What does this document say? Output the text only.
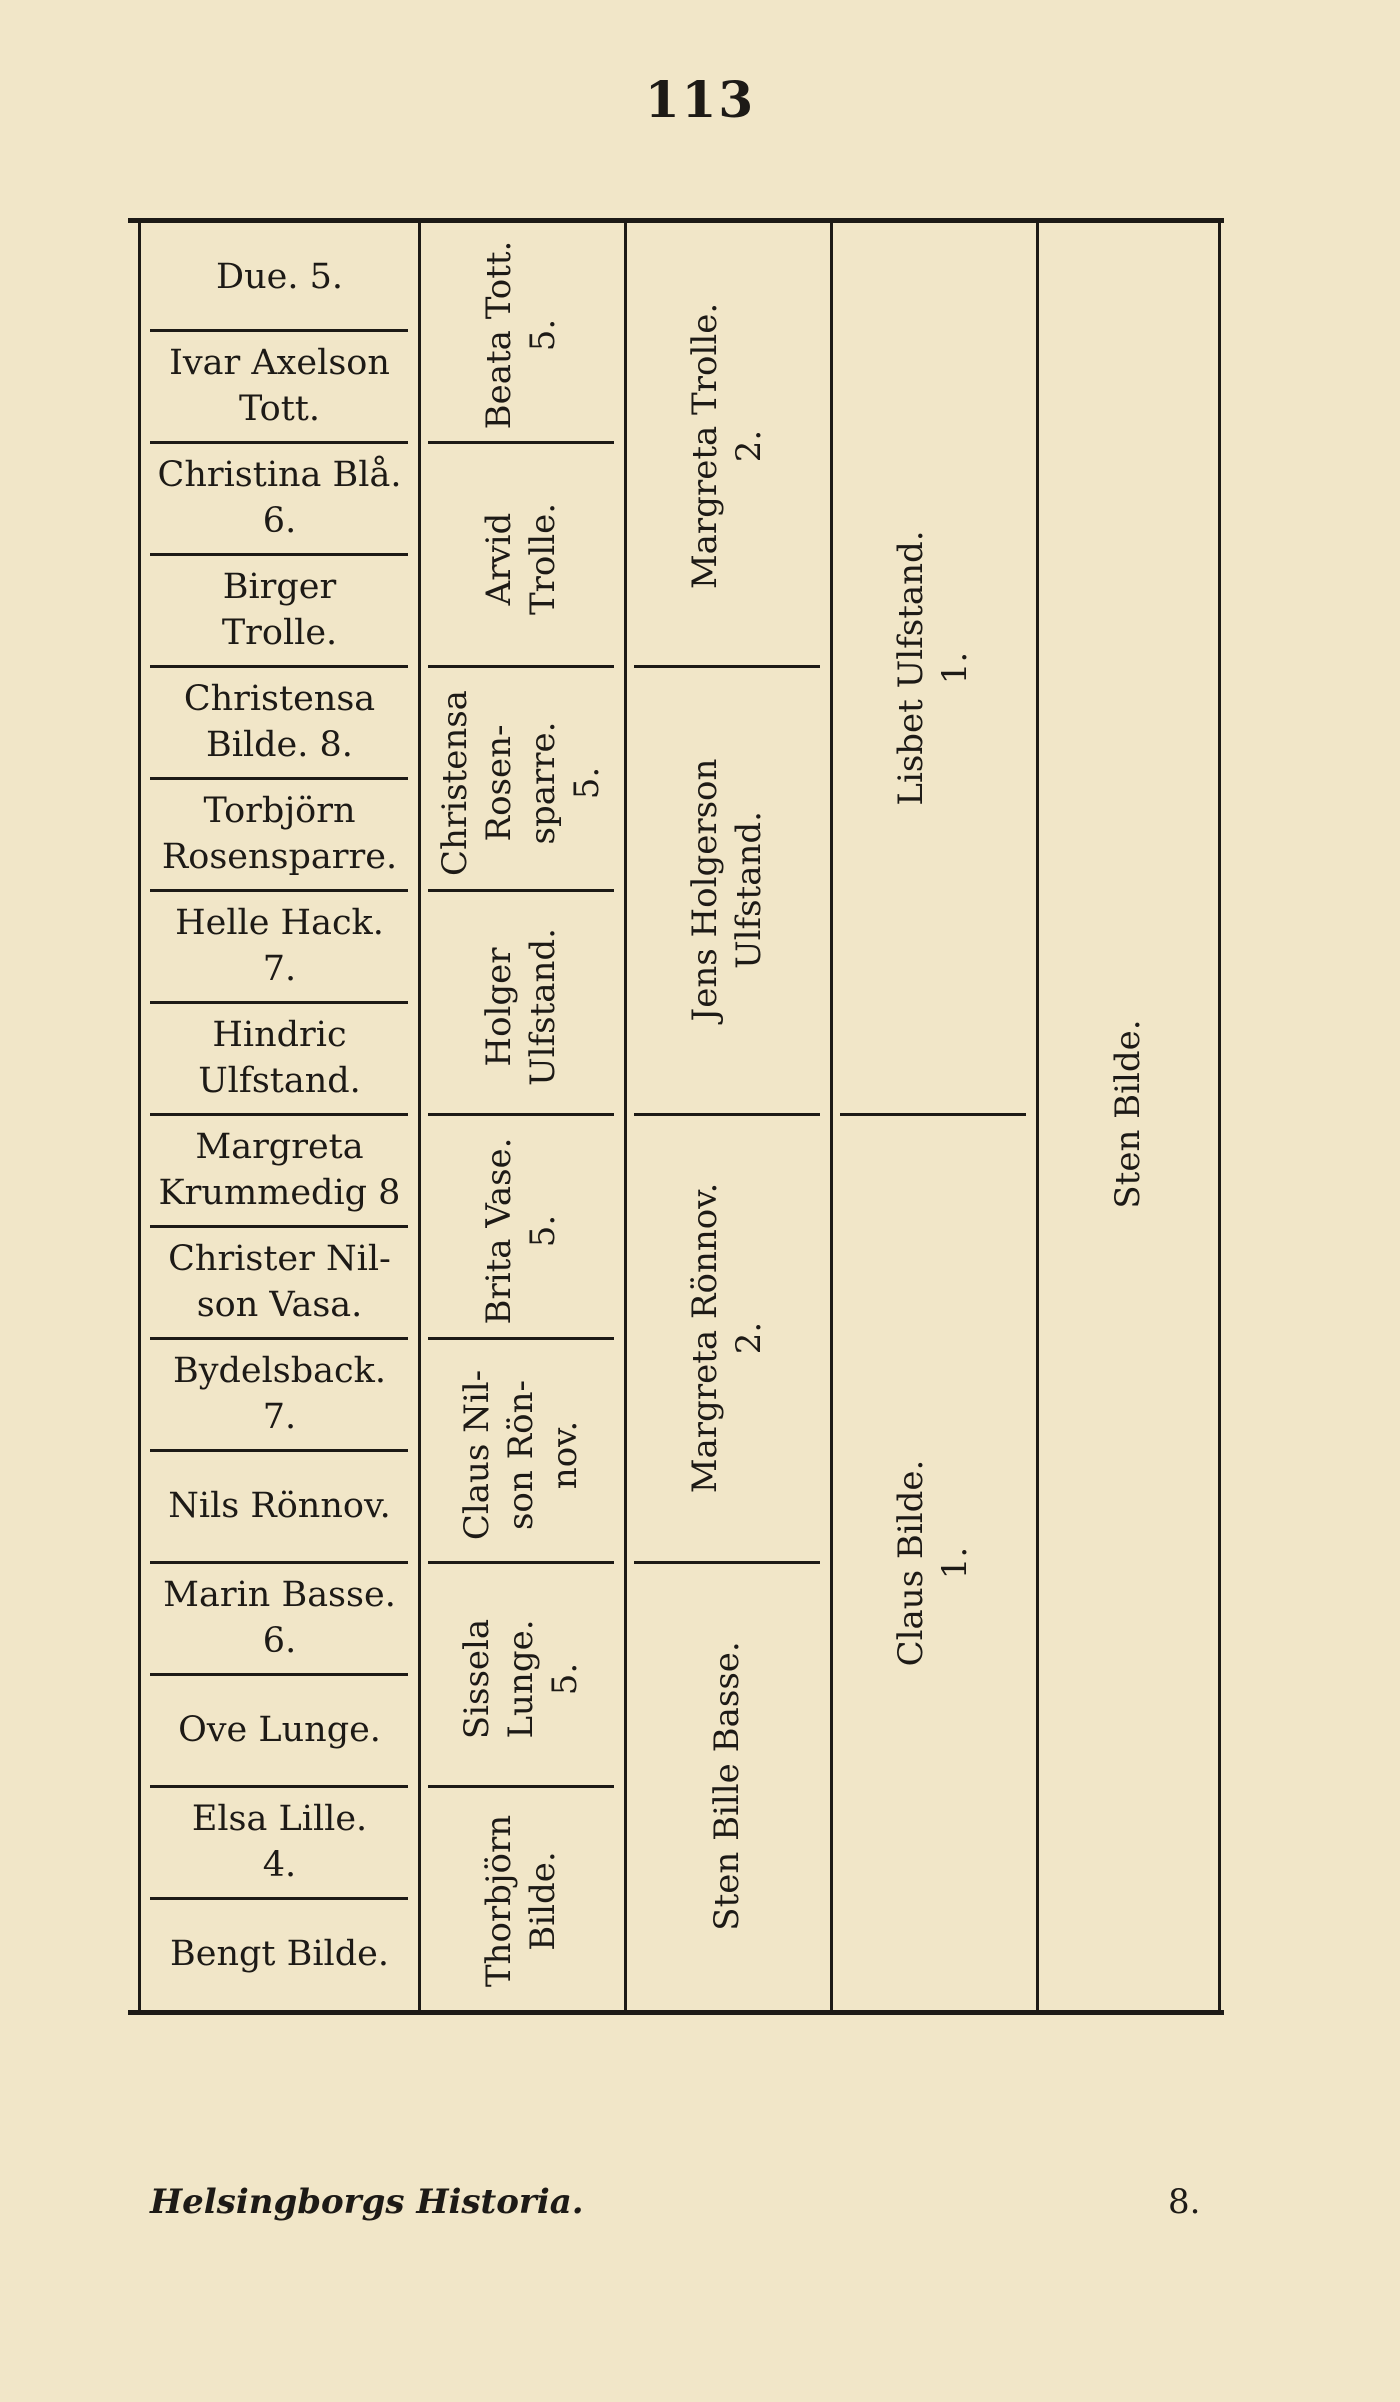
113
Due. 5.
Ivar Axelson
Tott.
Christina Blå.
6.
Birger
Trolle.
Christensa
Bilde. 8.
Torbjörn
Rosensparre.
Helle Hack.
7.
Hindric
Ulfstand.
Margreta
Krummedig 8
Christer Nil-
son Vasa.
Bydelsback.
7.
Nils Rönnov.
Marin Basse.
6.
Ove Lunge.
Elsa Lille.
4.
Bengt Bilde.
Beata Tott.
5.
Arvid
Trolle.
Christensa
Rosen-
sparre.
5.
Holger
Ulfstand.
Brita Vase.
5.
Claus Nil-
son Rön-
nov.
Sissela
Lunge.
5.
Thorbjörn
Bilde.
Margreta Trolle.
2.
Jens Holgerson
Ulfstand.
Margreta Rönnov.
2.
Sten Bille Basse.
Lisbet Ulfstand.
1.
Claus Bilde.
1.
Sten Bilde.
Helsingborgs Historia.	8.
